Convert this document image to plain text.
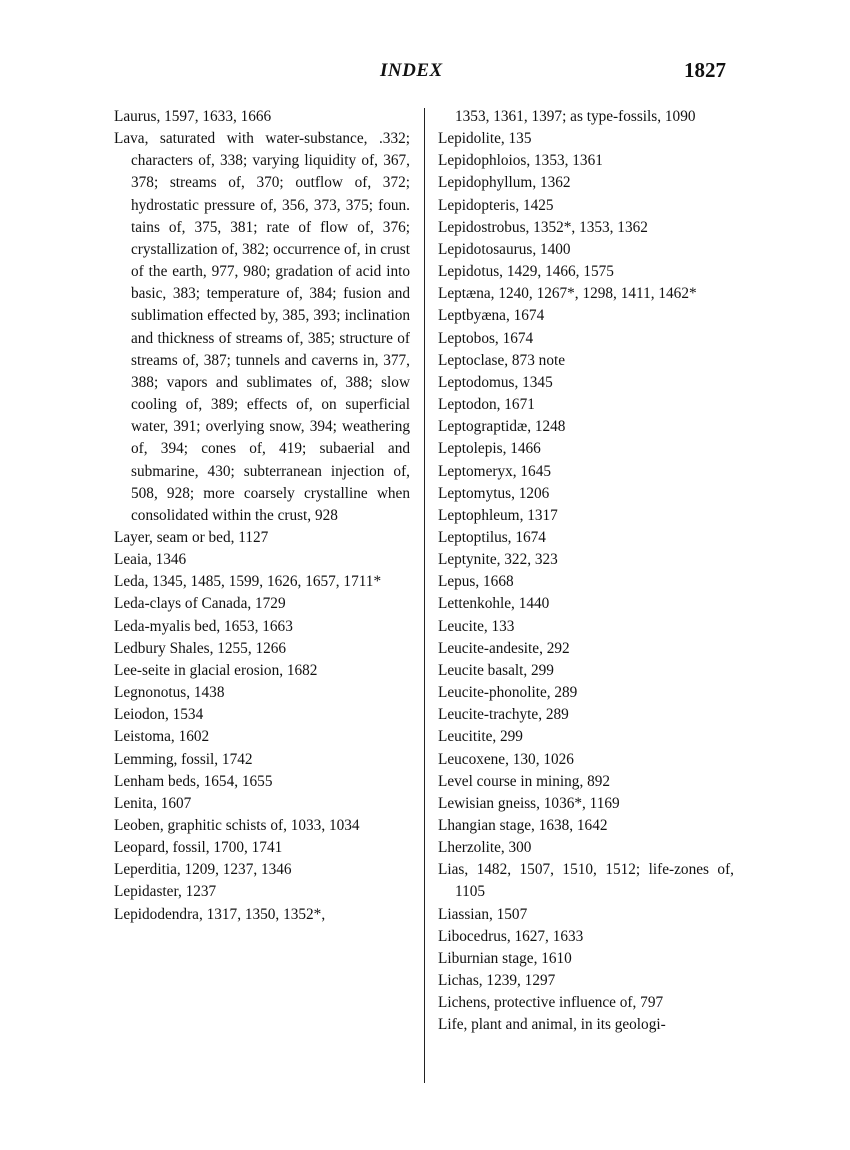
INDEX	1827

Laurus, 1597, 1633, 1666

Lava, saturated with water-substance, .332; characters of, 338; varying liquidity of, 367, 378; streams of, 370; outflow of, 372; hydrostatic pressure of, 356, 373, 375; foun. tains of, 375, 381; rate of flow of, 376; crystallization of, 382; occurrence of, in crust of the earth, 977, 980; gradation of acid into basic, 383; temperature of, 384; fusion and sublimation effected by, 385, 393; inclination and thickness of streams of, 385; structure of streams of, 387; tunnels and caverns in, 377, 388; vapors and sublimates of, 388; slow cooling of, 389; effects of, on superficial water, 391; overlying snow, 394; weathering of, 394; cones of, 419; subaerial and submarine, 430; subterranean injection of, 508, 928; more coarsely crystalline when consolidated within the crust, 928

Layer, seam or bed, 1127

Leaia, 1346

Leda, 1345, 1485, 1599, 1626, 1657, 1711*

Leda-clays of Canada, 1729

Leda-myalis bed, 1653, 1663

Ledbury Shales, 1255, 1266

Lee-seite in glacial erosion, 1682

Legnonotus, 1438

Leiodon, 1534

Leistoma, 1602

Lemming, fossil, 1742

Lenham beds, 1654, 1655

Lenita, 1607

Leoben, graphitic schists of, 1033, 1034

Leopard, fossil, 1700, 1741

Leperditia, 1209, 1237, 1346

Lepidaster, 1237

Lepidodendra, 1317, 1350, 1352*,

1353, 1361, 1397; as type-fossils, 1090

Lepidolite, 135

Lepidophloios, 1353, 1361

Lepidophyllum, 1362

Lepidopteris, 1425

Lepidostrobus, 1352*, 1353, 1362

Lepidotosaurus, 1400

Lepidotus, 1429, 1466, 1575

Leptæna, 1240, 1267*, 1298, 1411, 1462*

Leptbyæna, 1674

Leptobos, 1674

Leptoclase, 873 note

Leptodomus, 1345

Leptodon, 1671

Leptograptidæ, 1248

Leptolepis, 1466

Leptomeryx, 1645

Leptomytus, 1206

Leptophleum, 1317

Leptoptilus, 1674

Leptynite, 322, 323

Lepus, 1668

Lettenkohle, 1440

Leucite, 133

Leucite-andesite, 292

Leucite basalt, 299

Leucite-phonolite, 289

Leucite-trachyte, 289

Leucitite, 299

Leucoxene, 130, 1026

Level course in mining, 892

Lewisian gneiss, 1036*, 1169

Lhangian stage, 1638, 1642

Lherzolite, 300

Lias, 1482, 1507, 1510, 1512; life-zones of, 1105

Liassian, 1507

Libocedrus, 1627, 1633

Liburnian stage, 1610

Lichas, 1239, 1297

Lichens, protective influence of, 797

Life, plant and animal, in its geologi-
